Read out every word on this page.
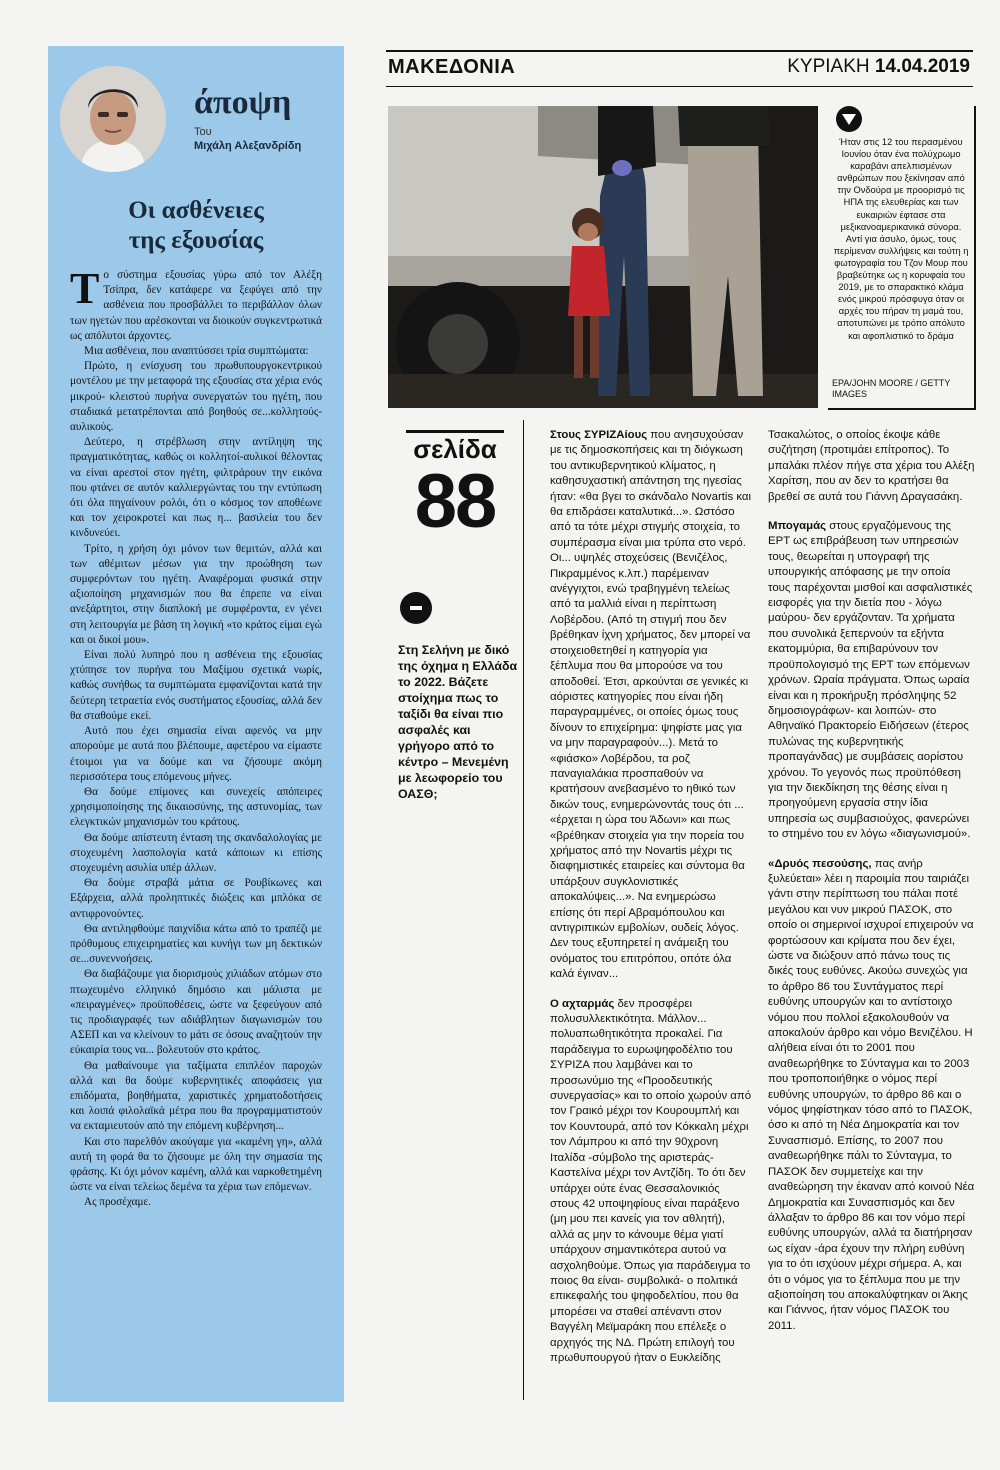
άποψη
Του
Μιχάλη Αλεξανδρίδη
Οι ασθένειες
της εξουσίας

Το σύστημα εξουσίας γύρω από τον Αλέξη Τσίπρα, δεν κατάφερε να ξεφύγει από την ασθένεια που προσβάλλει το περιβάλλον όλων των ηγετών που αρέσκονται να διοικούν συγκεντρωτικά ως απόλυτοι άρχοντες.

Μια ασθένεια, που αναπτύσσει τρία συμπτώματα:

Πρώτο, η ενίσχυση του πρωθυπουργοκεντρικού μοντέλου με την μεταφορά της εξουσίας στα χέρια ενός μικρού- κλειστού πυρήνα συνεργατών του ηγέτη, που σταδιακά μετατρέπονται από βοηθούς σε...κολλητούς- αυλικούς.

Δεύτερο, η στρέβλωση στην αντίληψη της πραγματικότητας, καθώς οι κολλητοί-αυλικοί θέλοντας να είναι αρεστοί στον ηγέτη, φιλτράρουν την εικόνα που φτάνει σε αυτόν καλλιεργώντας του την εντύπωση ότι όλα πηγαίνουν ρολόι, ότι ο κόσμος τον αποθέωνε και τον χειροκροτεί και πως η... βασιλεία του δεν κινδυνεύει.

Τρίτο, η χρήση όχι μόνον των θεμιτών, αλλά και των αθέμιτων μέσων για την προώθηση των συμφερόντων του ηγέτη. Αναφέρομαι φυσικά στην αξιοποίηση μηχανισμών που θα έπρεπε να είναι ανεξάρτητοι, στην διαπλοκή με συμφέροντα, εν γένει στη λειτουργία με βάση τη λογική «το κράτος είμαι εγώ και οι δικοί μου».

Είναι πολύ λυπηρό που η ασθένεια της εξουσίας χτύπησε τον πυρήνα του Μαξίμου σχετικά νωρίς, καθώς συνήθως τα συμπτώματα εμφανίζονται κατά την δεύτερη τετραετία ενός συστήματος εξουσίας, αλλά δεν θα σταθούμε εκεί.

Αυτό που έχει σημασία είναι αφενός να μην απορούμε με αυτά που βλέπουμε, αφετέρου να είμαστε έτοιμοι για να δούμε και να ζήσουμε ακόμη περισσότερα τους επόμενους μήνες.

Θα δούμε επίμονες και συνεχείς απόπειρες χρησιμοποίησης της δικαιοσύνης, της αστυνομίας, των ελεγκτικών μηχανισμών του κράτους.

Θα δούμε απίστευτη ένταση της σκανδαλολογίας με στοχευμένη λασπολογία κατά κάποιων κι επίσης στοχευμένη ασυλία υπέρ άλλων.

Θα δούμε στραβά μάτια σε Ρουβίκωνες και Εξάρχεια, αλλά προληπτικές διώξεις και μπλόκα σε αντιφρονούντες.

Θα αντιληφθούμε παιχνίδια κάτω από το τραπέζι με πρόθυμους επιχειρηματίες και κυνήγι των μη δεκτικών σε...συνεννοήσεις.

Θα διαβάζουμε για διορισμούς χιλιάδων ατόμων στο πτωχευμένο ελληνικό δημόσιο και μάλιστα με «πειραγμένες» προϋποθέσεις, ώστε να ξεφεύγουν από τις προδιαγραφές των αδιάβλητων διαγωνισμών του ΑΣΕΠ και να κλείνουν το μάτι σε όσους αναζητούν την εύκαιρία τους να... βολευτούν στο κράτος.

Θα μαθαίνουμε για ταξίματα επιπλέον παροχών αλλά και θα δούμε κυβερνητικές αποφάσεις για επιδόματα, βοηθήματα, χαριστικές χρηματοδοτήσεις και λοιπά φιλολαϊκά μέτρα που θα προγραμματιστούν να εκταμιευτούν από την επόμενη κυβέρνηση...

Και στο παρελθόν ακούγαμε για «καμένη γη», αλλά αυτή τη φορά θα το ζήσουμε με όλη την σημασία της φράσης. Κι όχι μόνον καμένη, αλλά και ναρκοθετημένη ώστε να είναι τελείως δεμένα τα χέρια των επόμενων.

Ας προσέχαμε.

ΜΑΚΕΔΟΝΙΑ	ΚΥΡΙΑΚΗ 14.04.2019
Ήταν στις 12 του περασμένου Ιουνίου όταν ένα πολύχρωμο καραβάνι απελπισμένων ανθρώπων που ξεκίνησαν από την Ονδούρα με προορισμό τις ΗΠΑ της ελευθερίας και των ευκαιριών έφτασε στα μεξικανοαμερικανικά σύνορα. Αντί για άσυλο, όμως, τους περίμεναν συλλήψεις και τούτη η φωτογραφία του Τζον Μουρ που βραβεύτηκε ως η κορυφαία του 2019, με το σπαρακτικό κλάμα ενός μικρού πρόσφυγα όταν οι αρχές του πήραν τη μαμά του, αποτυπώνει με τρόπο απόλυτο και αφοπλιστικό το δράμα
EPA/JOHN MOORE / GETTY IMAGES
σελίδα
88
Στη Σελήνη με δικό της όχημα η Ελλάδα το 2022. Βάζετε στοίχημα πως το ταξίδι θα είναι πιο ασφαλές και γρήγορο από το κέντρο – Μενεμένη με λεωφορείο του ΟΑΣΘ;

Στους ΣΥΡΙΖΑίους που ανησυχούσαν με τις δημοσκοπήσεις και τη διόγκωση του αντικυβερνητικού κλίματος, η καθησυχαστική απάντηση της ηγεσίας ήταν: «θα βγει το σκάνδαλο Novartis και θα επιδράσει καταλυτικά...». Ωστόσο από τα τότε μέχρι στιγμής στοιχεία, το συμπέρασμα είναι μια τρύπα στο νερό. Οι... υψηλές στοχεύσεις (Βενιζέλος, Πικραμμένος κ.λπ.) παρέμειναν ανέγγιχτοι, ενώ τραβηγμένη τελείως από τα μαλλιά είναι η περίπτωση Λοβέρδου. (Από τη στιγμή που δεν βρέθηκαν ίχνη χρήματος, δεν μπορεί να στοιχειοθετηθεί η κατηγορία για ξέπλυμα που θα μπορούσε να του αποδοθεί. Έτσι, αρκούνται σε γενικές κι αόριστες κατηγορίες που είναι ήδη παραγραμμένες, οι οποίες όμως τους δίνουν το επιχείρημα: ψηφίστε μας για να μην παραγραφούν...). Μετά το «φιάσκο» Λοβέρδου, τα ροζ παναγιαλάκια προσπαθούν να κρατήσουν ανεβασμένο το ηθικό των δικών τους, ενημερώνοντάς τους ότι ... «έρχεται η ώρα του Άδωνι» και πως «βρέθηκαν στοιχεία για την πορεία του χρήματος από την Novartis μέχρι τις διαφημιστικές εταιρείες και σύντομα θα υπάρξουν συγκλονιστικές αποκαλύψεις...». Να ενημερώσω επίσης ότι περί Αβραμόπουλου και αντιγριπικών εμβολίων, ουδείς λόγος. Δεν τους εξυπηρετεί η ανάμειξη του ονόματος του επιτρόπου, οπότε όλα καλά έγιναν...

Ο αχταρμάς δεν προσφέρει πολυσυλλεκτικότητα. Μάλλον... πολυαπωθητικότητα προκαλεί. Για παράδειγμα το ευρωψηφοδέλτιο του ΣΥΡΙΖΑ που λαμβάνει και το προσωνύμιο της «Προοδευτικής συνεργασίας» και το οποίο χωρούν από τον Γραικό μέχρι τον Κουρουμπλή και τον Κουντουρά, από τον Κόκκαλη μέχρι τον Λάμπρου κι από την 90χρονη Ιταλίδα -σύμβολο της αριστεράς- Καστελίνα μέχρι τον Αντζίδη. Το ότι δεν υπάρχει ούτε ένας Θεσσαλονικιός στους 42 υποψηφίους είναι παράξενο (μη μου πει κανείς για τον αθλητή), αλλά ας μην το κάνουμε θέμα γιατί υπάρχουν σημαντικότερα αυτού να ασχοληθούμε. Όπως για παράδειγμα το ποιος θα είναι- συμβολικά- ο πολιτικά επικεφαλής του ψηφοδελτίου, που θα μπορέσει να σταθεί απέναντι στον Βαγγέλη Μεϊμαράκη που επέλεξε ο αρχηγός της ΝΔ. Πρώτη επιλογή του πρωθυπουργού ήταν ο Ευκλείδης

Τσακαλώτος, ο οποίος έκοψε κάθε συζήτηση (προτιμάει επίτροπος). Το μπαλάκι πλέον πήγε στα χέρια του Αλέξη Χαρίτση, που αν δεν το κρατήσει θα βρεθεί σε αυτά του Γιάννη Δραγασάκη.

Μπογαμάς στους εργαζόμενους της ΕΡΤ ως επιβράβευση των υπηρεσιών τους, θεωρείται η υπογραφή της υπουργικής απόφασης με την οποία τους παρέχονται μισθοί και ασφαλιστικές εισφορές για την διετία που - λόγω μαύρου- δεν εργάζονταν. Τα χρήματα που συνολικά ξεπερνούν τα εξήντα εκατομμύρια, θα επιβαρύνουν τον προϋπολογισμό της ΕΡΤ των επόμενων χρόνων. Ωραία πράγματα. Όπως ωραία είναι και η προκήρυξη πρόσληψης 52 δημοσιογράφων- και λοιπών- στο Αθηναϊκό Πρακτορείο Ειδήσεων (έτερος πυλώνας της κυβερνητικής προπαγάνδας) με συμβάσεις αορίστου χρόνου. Το γεγονός πως προϋπόθεση για την διεκδίκηση της θέσης είναι η προηγούμενη εργασία στην ίδια υπηρεσία ως συμβασιούχος, φανερώνει το στημένο του εν λόγω «διαγωνισμού».

«Δρυός πεσούσης, πας ανήρ ξυλεύεται» λέει η παροιμία που ταιριάζει γάντι στην περίπτωση του πάλαι ποτέ μεγάλου και νυν μικρού ΠΑΣΟΚ, στο οποίο οι σημερινοί ισχυροί επιχειρούν να φορτώσουν και κρίματα που δεν έχει, ώστε να διώξουν από πάνω τους τις δικές τους ευθύνες. Ακούω συνεχώς για το άρθρο 86 του Συντάγματος περί ευθύνης υπουργών και το αντίστοιχο νόμου που πολλοί εξακολουθούν να αποκαλούν άρθρο και νόμο Βενιζέλου. Η αλήθεια είναι ότι το 2001 που αναθεωρήθηκε το Σύνταγμα και το 2003 που τροποποιήθηκε ο νόμος περί ευθύνης υπουργών, το άρθρο 86 και ο νόμος ψηφίστηκαν τόσο από το ΠΑΣΟΚ, όσο κι από τη Νέα Δημοκρατία και τον Συνασπισμό. Επίσης, το 2007 που αναθεωρήθηκε πάλι το Σύνταγμα, το ΠΑΣΟΚ δεν συμμετείχε και την αναθεώρηση την έκαναν από κοινού Νέα Δημοκρατία και Συνασπισμός και δεν άλλαξαν το άρθρο 86 και τον νόμο περί ευθύνης υπουργών, αλλά τα διατήρησαν ως είχαν -άρα έχουν την πλήρη ευθύνη για το ότι ισχύουν μέχρι σήμερα. Α, και ότι ο νόμος για το ξέπλυμα που με την αξιοποίηση του αποκαλύφτηκαν οι Άκης και Γιάννος, ήταν νόμος ΠΑΣΟΚ του 2011.
